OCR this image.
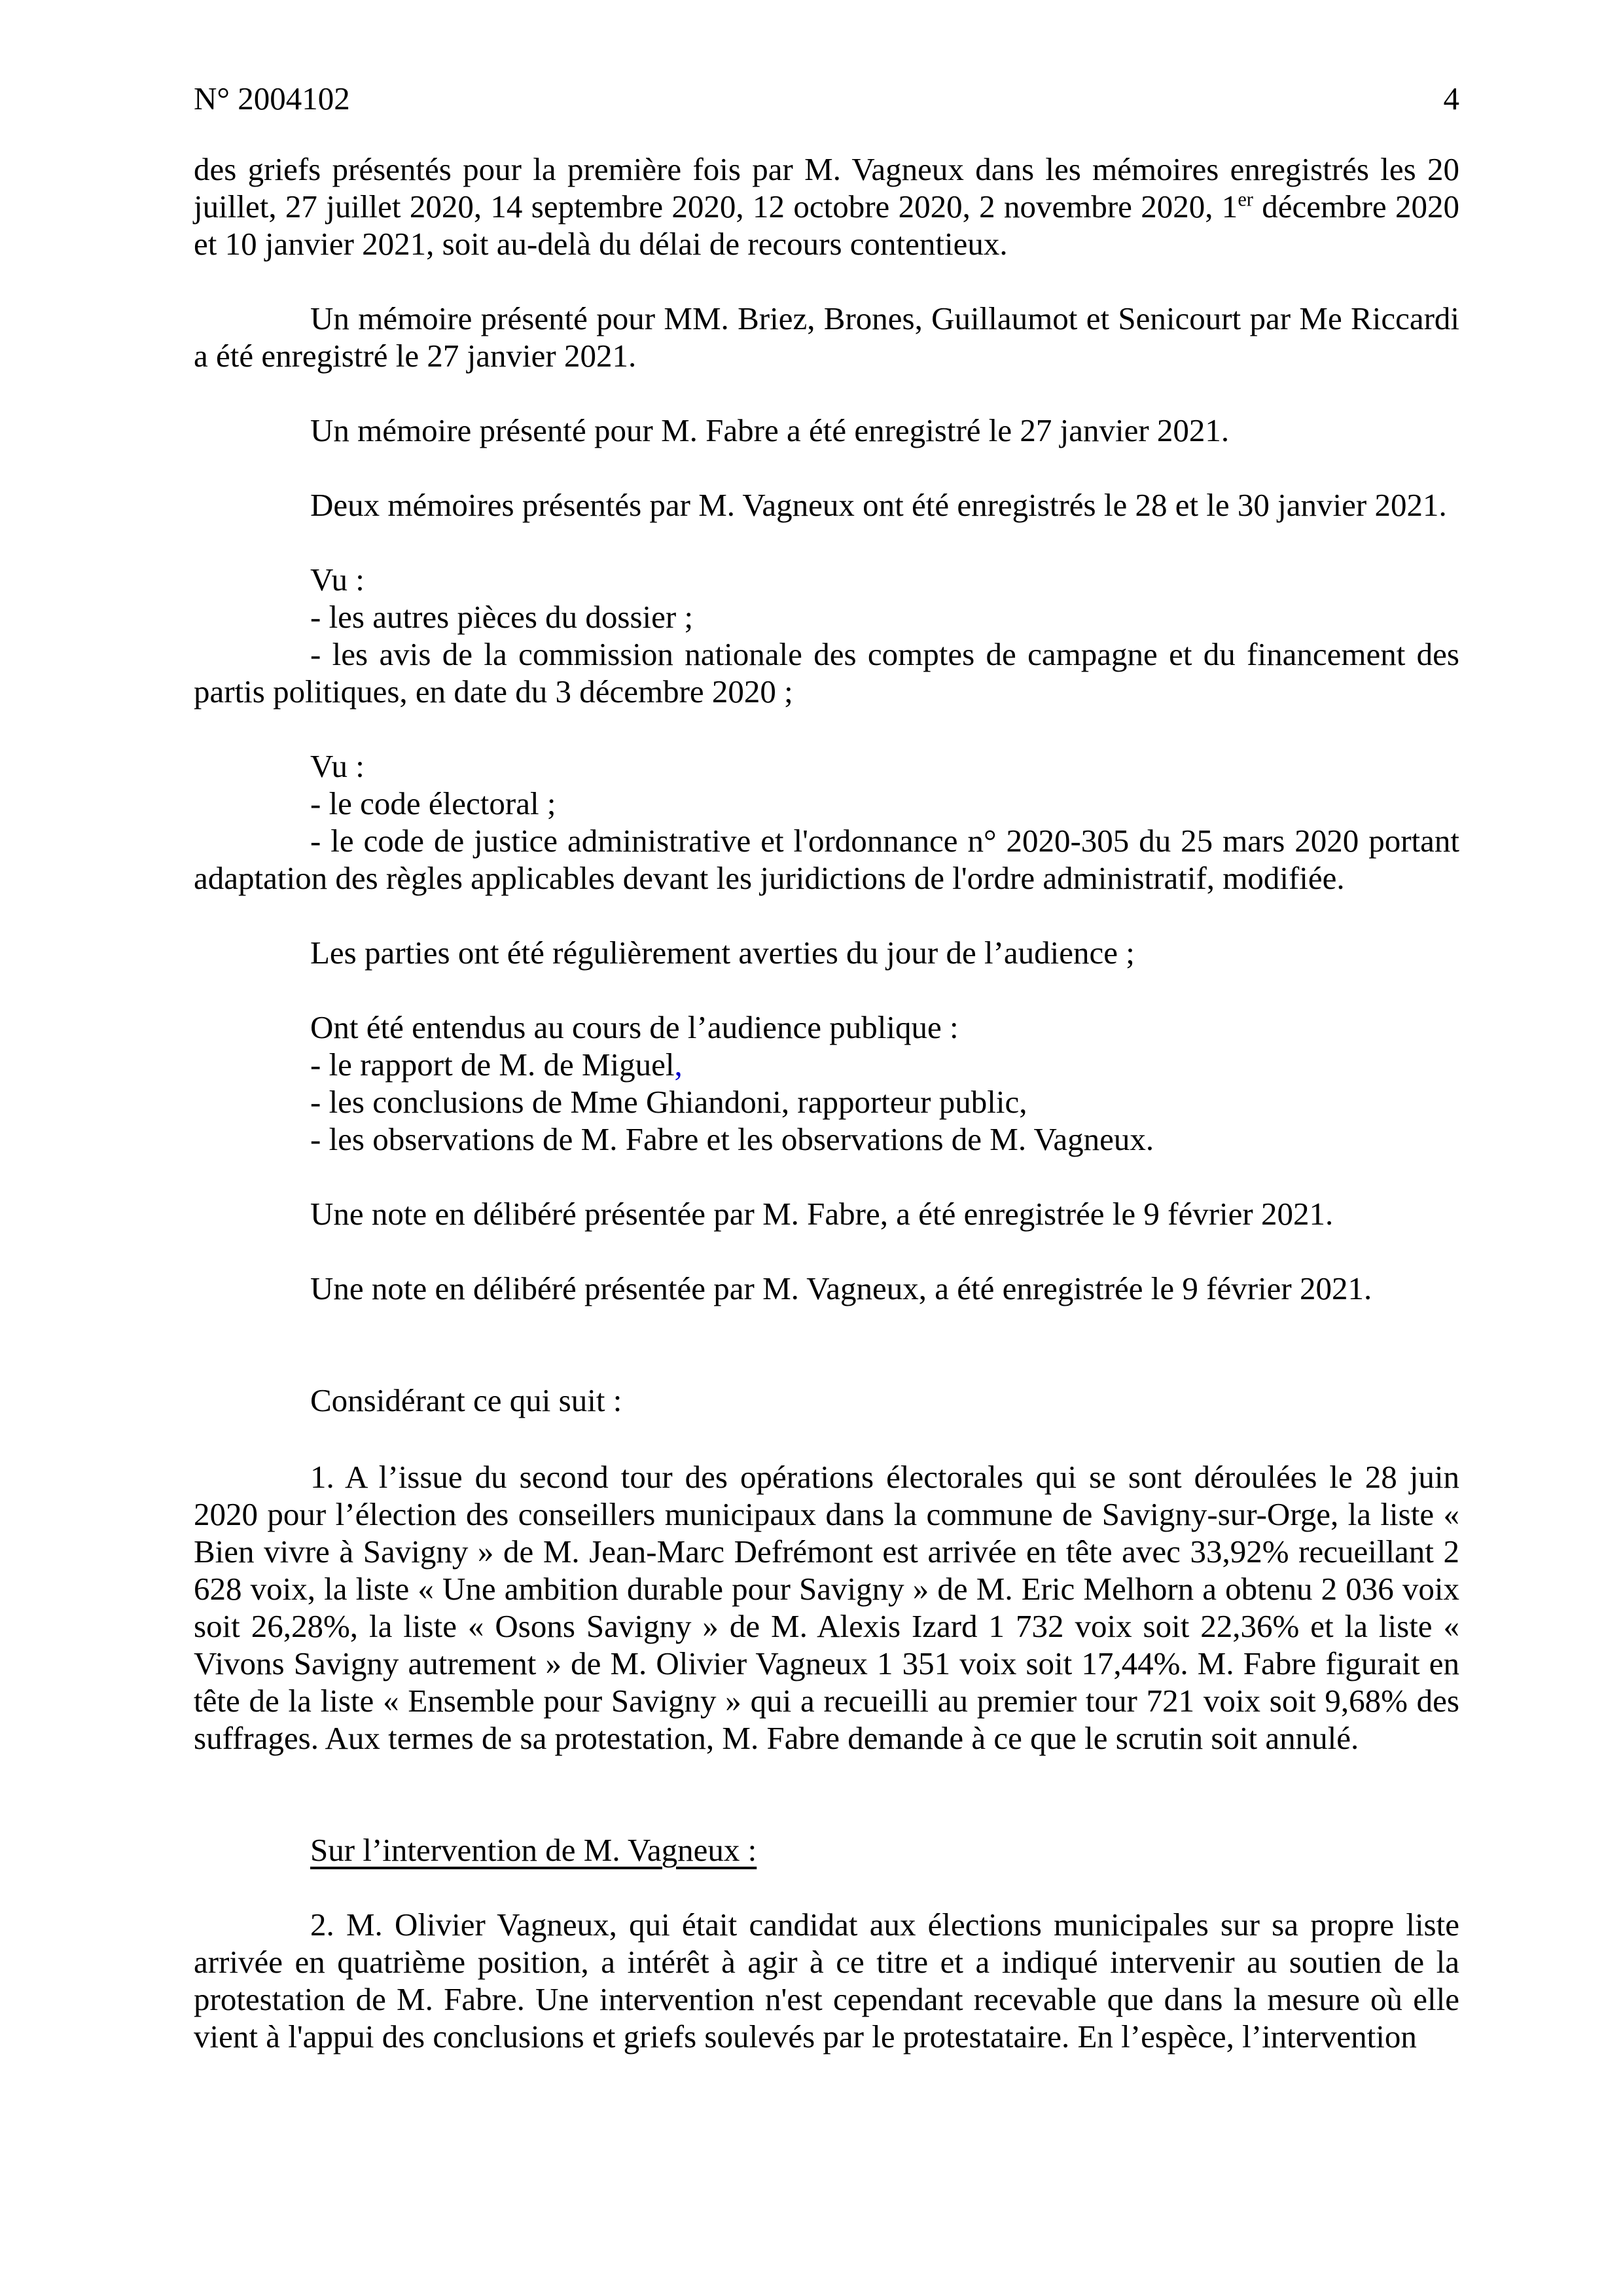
N° 2004102	4

des griefs présentés pour la première fois par M. Vagneux dans les mémoires enregistrés les 20 juillet, 27 juillet 2020, 14 septembre 2020, 12 octobre 2020, 2 novembre 2020, 1er décembre 2020 et 10 janvier 2021, soit au-delà du délai de recours contentieux.

Un mémoire présenté pour MM. Briez, Brones, Guillaumot et Senicourt par Me Riccardi a été enregistré le 27 janvier 2021.

Un mémoire présenté pour M. Fabre a été enregistré le 27 janvier 2021.

Deux mémoires présentés par M. Vagneux ont été enregistrés le 28 et le 30 janvier 2021.

Vu :

- les autres pièces du dossier ;

- les avis de la commission nationale des comptes de campagne et du financement des partis politiques, en date du 3 décembre 2020 ;

Vu :

- le code électoral ;

- le code de justice administrative et l'ordonnance n° 2020-305 du 25 mars 2020 portant adaptation des règles applicables devant les juridictions de l'ordre administratif, modifiée.

Les parties ont été régulièrement averties du jour de l’audience ;

Ont été entendus au cours de l’audience publique :

- le rapport de M. de Miguel,

- les conclusions de Mme Ghiandoni, rapporteur public,

- les observations de M. Fabre et les observations de M. Vagneux.

Une note en délibéré présentée par M. Fabre, a été enregistrée le 9 février 2021.

Une note en délibéré présentée par M. Vagneux, a été enregistrée le 9 février 2021.

Considérant ce qui suit :

1. A l’issue du second tour des opérations électorales qui se sont déroulées le 28 juin 2020 pour l’élection des conseillers municipaux dans la commune de Savigny-sur-Orge, la liste « Bien vivre à Savigny » de M. Jean-Marc Defrémont est arrivée en tête avec 33,92% recueillant 2 628 voix, la liste « Une ambition durable pour Savigny » de M. Eric Melhorn a obtenu 2 036 voix soit 26,28%, la liste « Osons Savigny » de M. Alexis Izard 1 732 voix soit 22,36% et la liste « Vivons Savigny autrement » de M. Olivier Vagneux 1 351 voix soit 17,44%. M. Fabre figurait en tête de la liste « Ensemble pour Savigny » qui a recueilli au premier tour 721 voix soit 9,68% des suffrages. Aux termes de sa protestation, M. Fabre demande à ce que le scrutin soit annulé.

Sur l’intervention de M. Vagneux :

2. M. Olivier Vagneux, qui était candidat aux élections municipales sur sa propre liste arrivée en quatrième position, a intérêt à agir à ce titre et a indiqué intervenir au soutien de la protestation de M. Fabre. Une intervention n'est cependant recevable que dans la mesure où elle vient à l'appui des conclusions et griefs soulevés par le protestataire. En l’espèce, l’intervention
